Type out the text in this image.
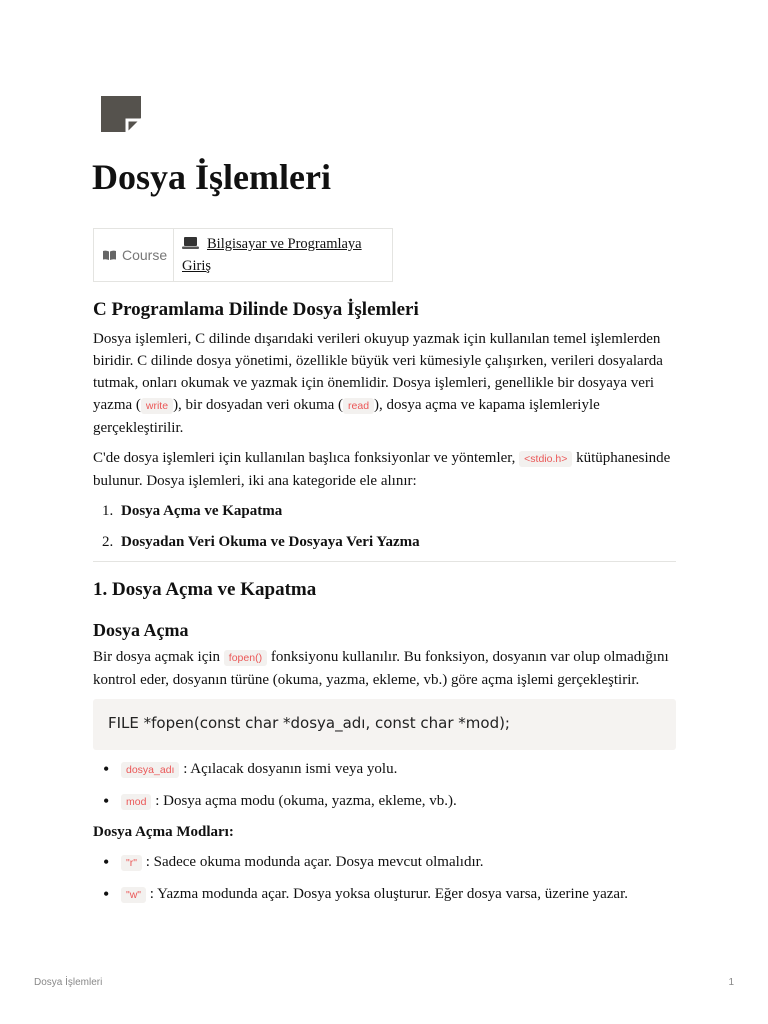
Dosya İşlemleri
Course
Bilgisayar ve Programlaya Giriş
C Programlama Dilinde Dosya İşlemleri

Dosya işlemleri, C dilinde dışarıdaki verileri okuyup yazmak için kullanılan temel işlemlerden biridir. C dilinde dosya yönetimi, özellikle büyük veri kümesiyle çalışırken, verileri dosyalarda tutmak, onları okumak ve yazmak için önemlidir. Dosya işlemleri, genellikle bir dosyaya veri yazma ( write ), bir dosyadan veri okuma ( read ), dosya açma ve kapama işlemleriyle gerçekleştirilir.

C'de dosya işlemleri için kullanılan başlıca fonksiyonlar ve yöntemler, <stdio.h> kütüphanesinde bulunur. Dosya işlemleri, iki ana kategoride ele alınır:

1. Dosya Açma ve Kapatma
2. Dosyadan Veri Okuma ve Dosyaya Veri Yazma
1. Dosya Açma ve Kapatma
Dosya Açma

Bir dosya açmak için fopen() fonksiyonu kullanılır. Bu fonksiyon, dosyanın var olup olmadığını kontrol eder, dosyanın türüne (okuma, yazma, ekleme, vb.) göre açma işlemi gerçekleştirir.

FILE *fopen(const char *dosya_adı, const char *mod);
• dosya_adı : Açılacak dosyanın ismi veya yolu.
• mod : Dosya açma modu (okuma, yazma, ekleme, vb.).

Dosya Açma Modları:

• "r" : Sadece okuma modunda açar. Dosya mevcut olmalıdır.
• "w" : Yazma modunda açar. Dosya yoksa oluşturur. Eğer dosya varsa, üzerine yazar.
Dosya İşlemleri	1
